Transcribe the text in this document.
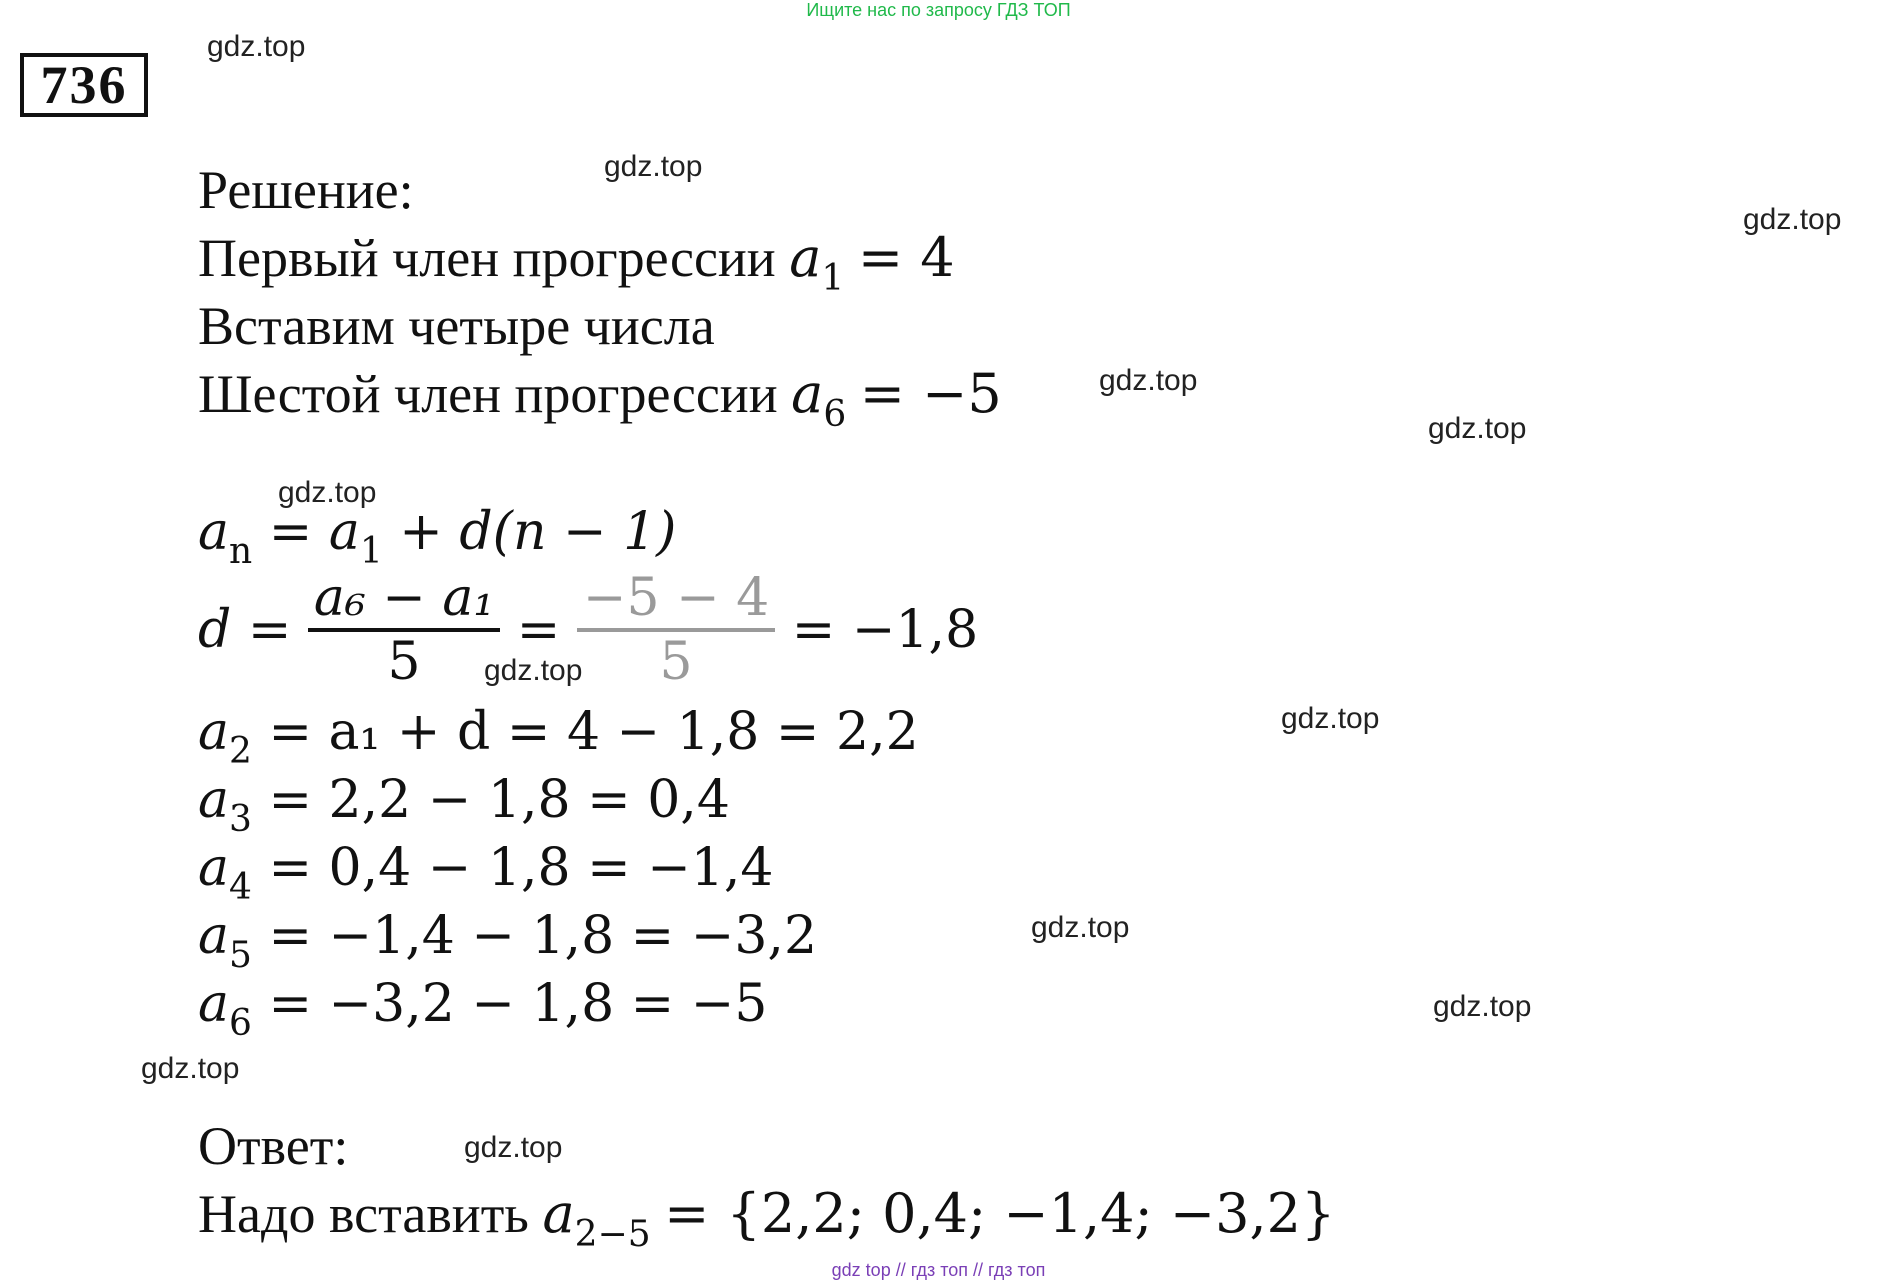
Ищите нас по запросу ГДЗ ТОП
736
gdz.top
gdz.top
gdz.top
gdz.top
gdz.top
gdz.top
gdz.top
gdz.top
gdz.top
gdz.top
gdz.top
gdz.top
Решение:
Первый член прогрессии $a_1 = 4$
Вставим четыре числа
Шестой член прогрессии $a_6 = -5$
$a_n = a_1 + d(n - 1)$
$d = \frac{\text{a₆ − a₁}}{5} = \frac{-5 - 4}{5} = -1,8$
$a_2 = a_1 + d = 4 - 1,8 = 2,2$
$a_3 = 2,2 - 1,8 = 0,4$
$a_4 = 0,4 - 1,8 = -1,4$
$a_5 = -1,4 - 1,8 = -3,2$
$a_6 = -3,2 - 1,8 = -5$
Ответ:
Надо вставить $a_{2-5} = \{2,2$; 0,4; −1,4; −3,2}
gdz top // гдз топ // гдз топ
